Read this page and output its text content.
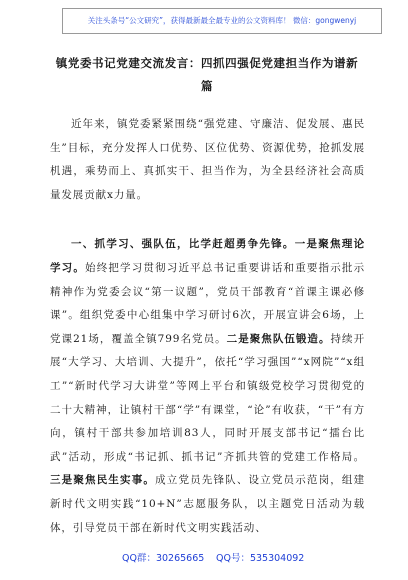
关注头条号“公文研究”，获得最新最全最专业的公文资料库！ 微信：gongwenyj
镇党委书记党建交流发言：四抓四强促党建担当作为谱新篇

近年来，镇党委紧紧围绕“强党建、守廉洁、促发展、惠民生”目标，充分发挥人口优势、区位优势、资源优势，抢抓发展机遇，乘势而上、真抓实干、担当作为，为全县经济社会高质量发展贡献x力量。

一、抓学习、强队伍，比学赶超勇争先锋。一是聚焦理论学习。始终把学习贯彻习近平总书记重要讲话和重要指示批示精神作为党委会议“第一议题”，党员干部教育“首课主课必修课”。组织党委中心组集中学习研讨6次，开展宣讲会6场，上党课21场，覆盖全镇799名党员。二是聚焦队伍锻造。持续开展“大学习、大培训、大提升”，依托“学习强国”“x网院”“x组工”“新时代学习大讲堂”等网上平台和镇级党校学习贯彻党的二十大精神，让镇村干部“学”有课堂，“论”有收获，“干”有方向，镇村干部共参加培训83人，同时开展支部书记“擂台比武”活动，形成“书记抓、抓书记”齐抓共管的党建工作格局。三是聚焦民生实事。成立党员先锋队、设立党员示范岗，组建新时代文明实践“10+N”志愿服务队，以主题党日活动为载体，引导党员干部在新时代文明实践活动、

QQ群：30265665 QQ号：535304092
